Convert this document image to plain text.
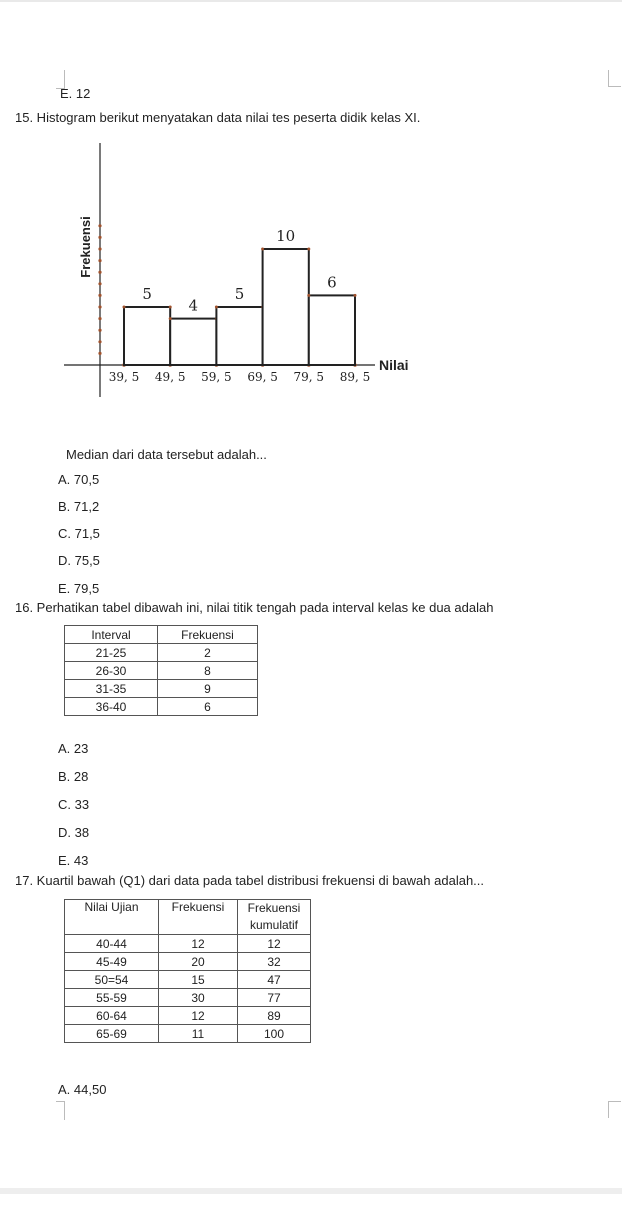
E. 12
15. Histogram berikut menyatakan data nilai tes peserta didik kelas XI.
5
4
5
10
6
39, 5 49, 5 59, 5 69, 5 79, 5 89, 5
Frekuensi
Nilai
Median dari data tersebut adalah...
A. 70,5
B. 71,2
C. 71,5
D. 75,5
E. 79,5
16. Perhatikan tabel dibawah ini, nilai titik tengah pada interval kelas ke dua adalah
Interval	Frekuensi
21-25	2
26-30	8
31-35	9
36-40	6
A. 23
B. 28
C. 33
D. 38
E. 43
17. Kuartil bawah (Q1) dari data pada tabel distribusi frekuensi di bawah adalah...
Nilai Ujian	Frekuensi	Frekuensi kumulatif
40-44	12	12
45-49	20	32
50=54	15	47
55-59	30	77
60-64	12	89
65-69	11	100
A. 44,50
